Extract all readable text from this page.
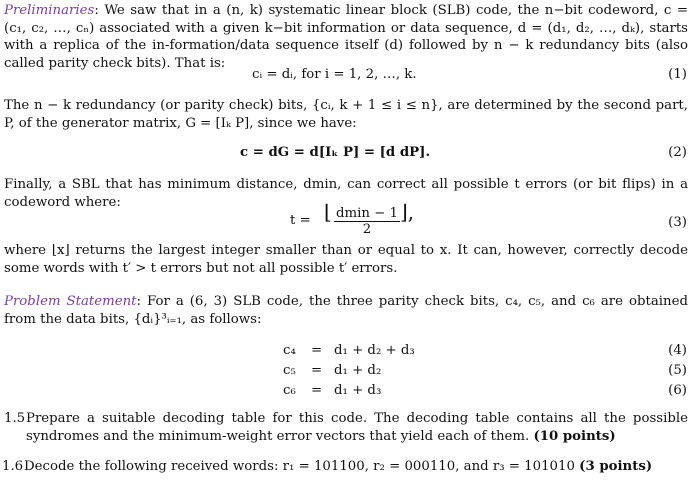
Preliminaries: We saw that in a (n, k) systematic linear block (SLB) code, the n−bit codeword, c = (c₁, c₂, …, cₙ) associated with a given k−bit information or data sequence, d = (d₁, d₂, …, dₖ), starts with a replica of the in-formation/data sequence itself (d) followed by n − k redundancy bits (also called parity check bits). That is:
cᵢ = dᵢ, for i = 1, 2, …, k.	(1)
The n − k redundancy (or parity check) bits, {cᵢ, k + 1 ≤ i ≤ n}, are determined by the second part, P, of the generator matrix, G = [Iₖ P], since we have:
c = dG = d[Iₖ P] = [d dP].	(2)
Finally, a SBL that has minimum distance, dmin, can correct all possible t errors (or bit flips) in a codeword where:
t = ⌊ $\frac{dmin - 1}{2}$ ⌋,	(3)
where ⌊x⌋ returns the largest integer smaller than or equal to x. It can, however, correctly decode some words with t′ > t errors but not all possible t′ errors.
Problem Statement: For a (6, 3) SLB code, the three parity check bits, c₄, c₅, and c₆ are obtained from the data bits, {dᵢ}³ᵢ₌₁, as follows:
c₄ = d₁ + d₂ + d₃	(4)
c₅ = d₁ + d₂	(5)
c₆ = d₁ + d₃	(6)
1.5 Prepare a suitable decoding table for this code. The decoding table contains all the possible syndromes and the minimum-weight error vectors that yield each of them. (10 points)
1.6 Decode the following received words: r₁ = 101100, r₂ = 000110, and r₃ = 101010 (3 points)
